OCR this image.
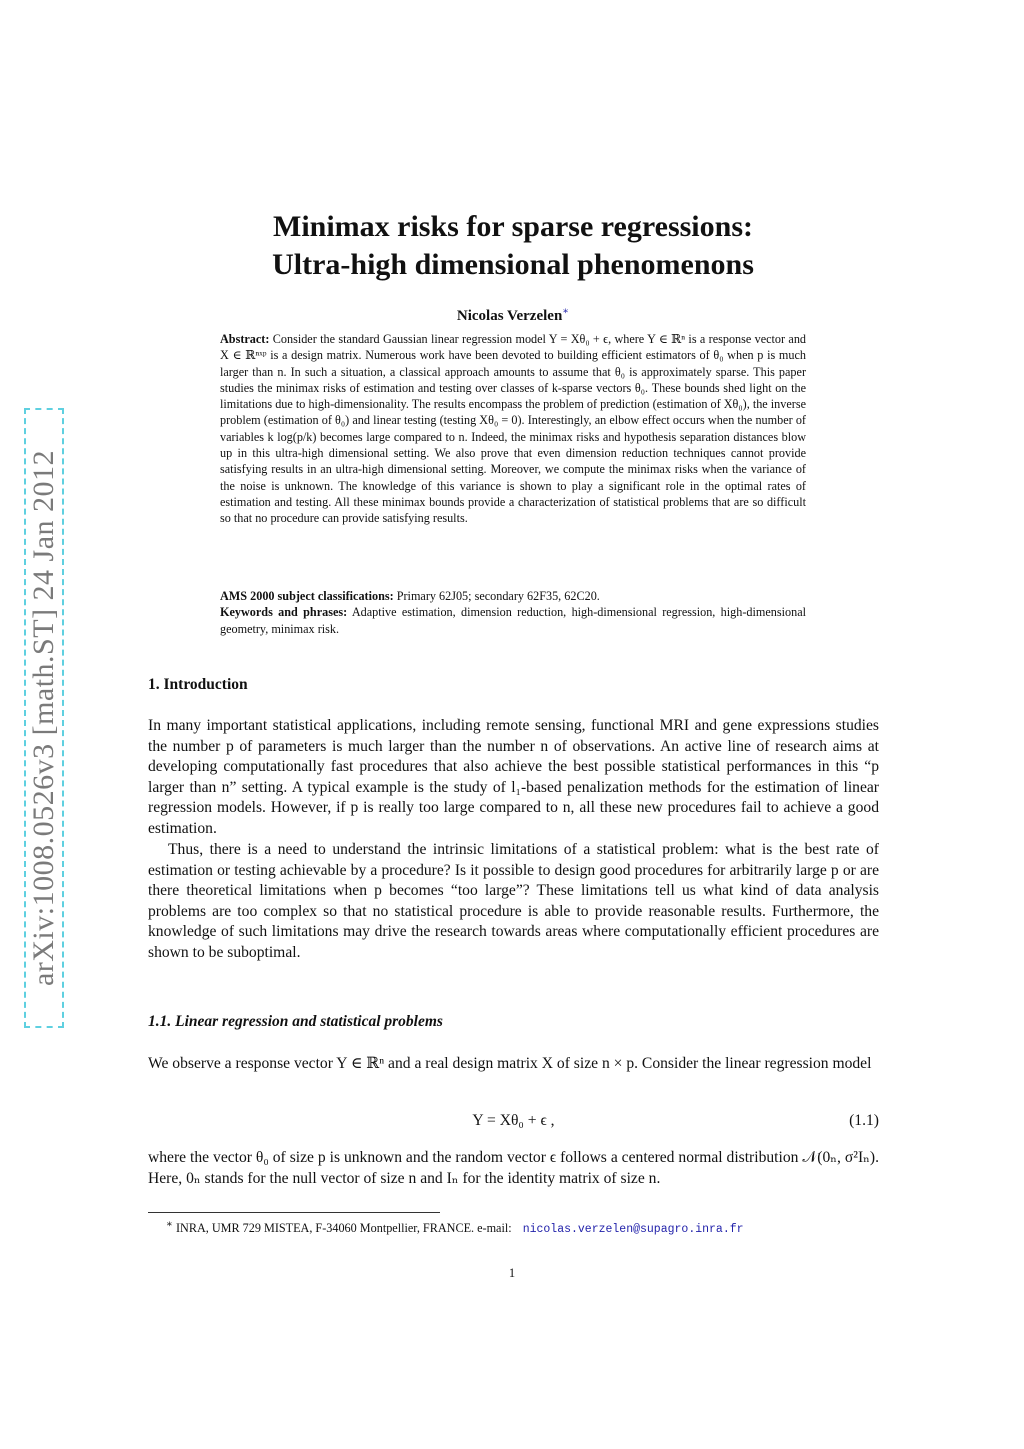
arXiv:1008.0526v3 [math.ST] 24 Jan 2012
Minimax risks for sparse regressions:
Ultra-high dimensional phenomenons
Nicolas Verzelen∗
Abstract: Consider the standard Gaussian linear regression model Y = Xθ₀ + ϵ, where Y ∈ ℝⁿ is a response vector and X ∈ ℝⁿˣᵖ is a design matrix. Numerous work have been devoted to building efficient estimators of θ₀ when p is much larger than n. In such a situation, a classical approach amounts to assume that θ₀ is approximately sparse. This paper studies the minimax risks of estimation and testing over classes of k-sparse vectors θ₀. These bounds shed light on the limitations due to high-dimensionality. The results encompass the problem of prediction (estimation of Xθ₀), the inverse problem (estimation of θ₀) and linear testing (testing Xθ₀ = 0). Interestingly, an elbow effect occurs when the number of variables k log(p/k) becomes large compared to n. Indeed, the minimax risks and hypothesis separation distances blow up in this ultra-high dimensional setting. We also prove that even dimension reduction techniques cannot provide satisfying results in an ultra-high dimensional setting. Moreover, we compute the minimax risks when the variance of the noise is unknown. The knowledge of this variance is shown to play a significant role in the optimal rates of estimation and testing. All these minimax bounds provide a characterization of statistical problems that are so difficult so that no procedure can provide satisfying results.
AMS 2000 subject classifications: Primary 62J05; secondary 62F35, 62C20.
Keywords and phrases: Adaptive estimation, dimension reduction, high-dimensional regression, high-dimensional geometry, minimax risk.
1. Introduction
In many important statistical applications, including remote sensing, functional MRI and gene expressions studies the number p of parameters is much larger than the number n of observations. An active line of research aims at developing computationally fast procedures that also achieve the best possible statistical performances in this “p larger than n” setting. A typical example is the study of l₁-based penalization methods for the estimation of linear regression models. However, if p is really too large compared to n, all these new procedures fail to achieve a good estimation.
Thus, there is a need to understand the intrinsic limitations of a statistical problem: what is the best rate of estimation or testing achievable by a procedure? Is it possible to design good procedures for arbitrarily large p or are there theoretical limitations when p becomes “too large”? These limitations tell us what kind of data analysis problems are too complex so that no statistical procedure is able to provide reasonable results. Furthermore, the knowledge of such limitations may drive the research towards areas where computationally efficient procedures are shown to be suboptimal.
1.1. Linear regression and statistical problems
We observe a response vector Y ∈ ℝⁿ and a real design matrix X of size n × p. Consider the linear regression model
Y = Xθ₀ + ϵ ,	(1.1)
where the vector θ₀ of size p is unknown and the random vector ϵ follows a centered normal distribution 𝒩(0ₙ, σ²Iₙ). Here, 0ₙ stands for the null vector of size n and Iₙ for the identity matrix of size n.
∗ INRA, UMR 729 MISTEA, F-34060 Montpellier, FRANCE. e-mail: nicolas.verzelen@supagro.inra.fr
1
